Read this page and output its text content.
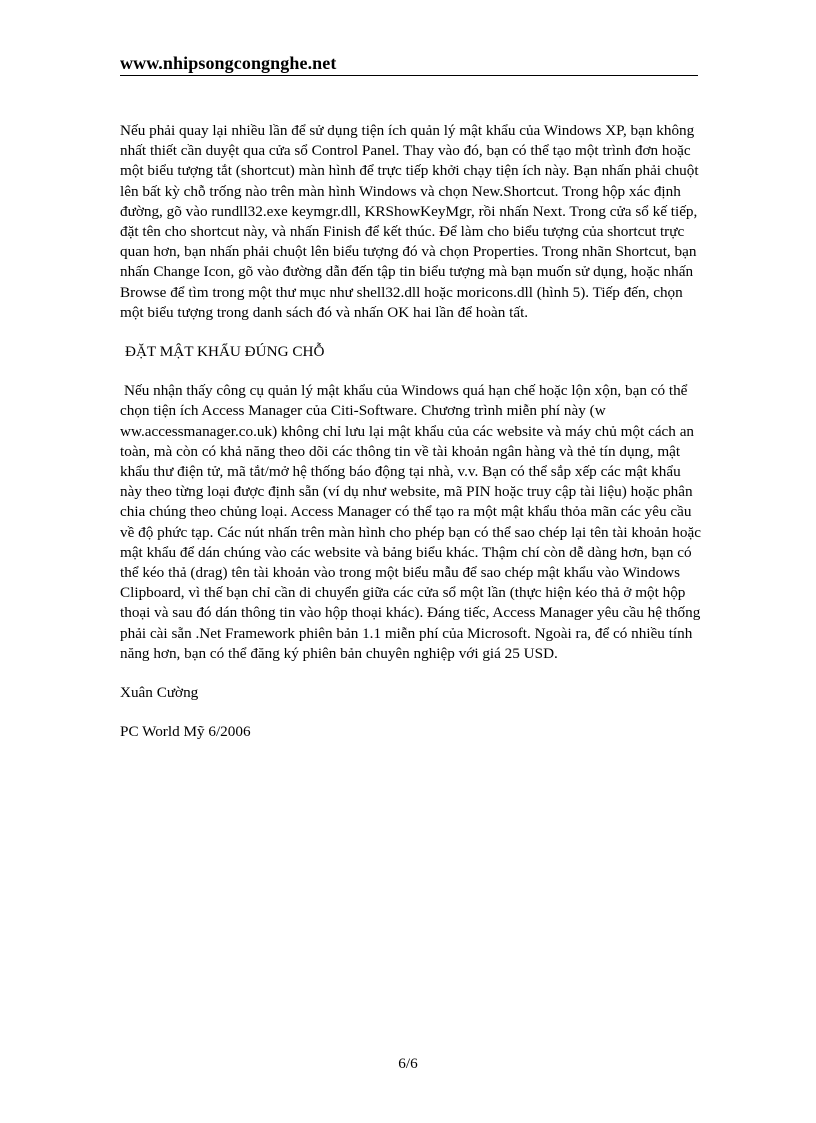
www.nhipsongcongnghe.net

Nếu phải quay lại nhiều lần để sử dụng tiện ích quản lý mật khẩu của Windows XP, bạn không nhất thiết cần duyệt qua cửa sổ Control Panel. Thay vào đó, bạn có thể tạo một trình đơn hoặc một biểu tượng tắt (shortcut) màn hình để trực tiếp khởi chạy tiện ích này. Bạn nhấn phải chuột lên bất kỳ chỗ trống nào trên màn hình Windows và chọn New.Shortcut. Trong hộp xác định đường, gõ vào rundll32.exe keymgr.dll, KRShowKeyMgr, rồi nhấn Next. Trong cửa sổ kế tiếp, đặt tên cho shortcut này, và nhấn Finish để kết thúc. Để làm cho biểu tượng của shortcut trực quan hơn, bạn nhấn phải chuột lên biểu tượng đó và chọn Properties. Trong nhãn Shortcut, bạn nhấn Change Icon, gõ vào đường dẫn đến tập tin biểu tượng mà bạn muốn sử dụng, hoặc nhấn Browse để tìm trong một thư mục như shell32.dll hoặc moricons.dll (hình 5). Tiếp đến, chọn một biểu tượng trong danh sách đó và nhấn OK hai lần để hoàn tất.

ĐẶT MẬT KHẨU ĐÚNG CHỖ

Nếu nhận thấy công cụ quản lý mật khẩu của Windows quá hạn chế hoặc lộn xộn, bạn có thể chọn tiện ích Access Manager của Citi-Software. Chương trình miễn phí này (w ww.accessmanager.co.uk) không chỉ lưu lại mật khẩu của các website và máy chủ một cách an toàn, mà còn có khả năng theo dõi các thông tin về tài khoản ngân hàng và thẻ tín dụng, mật khẩu thư điện tử, mã tắt/mở hệ thống báo động tại nhà, v.v. Bạn có thể sắp xếp các mật khẩu này theo từng loại được định sẵn (ví dụ như website, mã PIN hoặc truy cập tài liệu) hoặc phân chia chúng theo chủng loại. Access Manager có thể tạo ra một mật khẩu thỏa mãn các yêu cầu về độ phức tạp. Các nút nhấn trên màn hình cho phép bạn có thể sao chép lại tên tài khoản hoặc mật khẩu để dán chúng vào các website và bảng biểu khác. Thậm chí còn dễ dàng hơn, bạn có thể kéo thả (drag) tên tài khoản vào trong một biểu mẫu để sao chép mật khẩu vào Windows Clipboard, vì thế bạn chỉ cần di chuyển giữa các cửa sổ một lần (thực hiện kéo thả ở một hộp thoại và sau đó dán thông tin vào hộp thoại khác). Đáng tiếc, Access Manager yêu cầu hệ thống phải cài sẵn .Net Framework phiên bản 1.1 miễn phí của Microsoft. Ngoài ra, để có nhiều tính năng hơn, bạn có thể đăng ký phiên bản chuyên nghiệp với giá 25 USD.

Xuân Cường

PC World Mỹ 6/2006

6/6
